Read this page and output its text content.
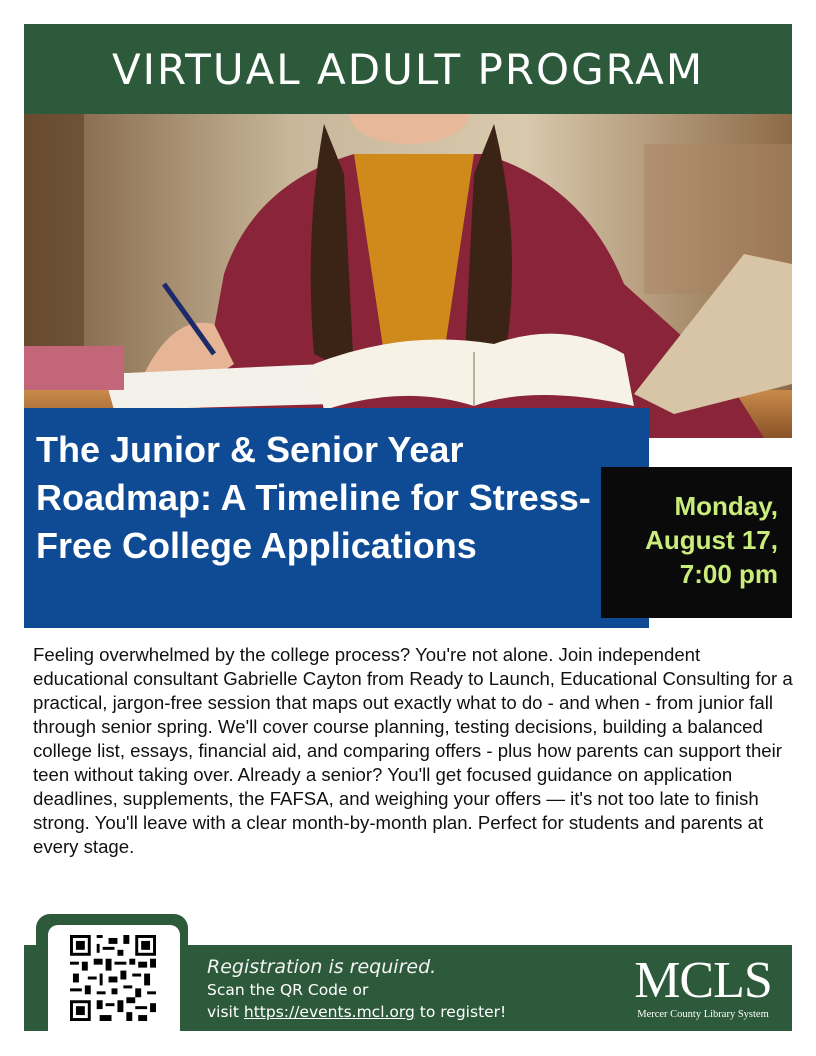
VIRTUAL ADULT PROGRAM
The Junior & Senior Year Roadmap: A Timeline for Stress-Free College Applications
Monday,
August 17,
7:00 pm

Feeling overwhelmed by the college process? You're not alone. Join independent educational consultant Gabrielle Cayton from Ready to Launch, Educational Consulting for a practical, jargon-free session that maps out exactly what to do - and when - from junior fall through senior spring. We'll cover course planning, testing decisions, building a balanced college list, essays, financial aid, and comparing offers - plus how parents can support their teen without taking over. Already a senior? You'll get focused guidance on application deadlines, supplements, the FAFSA, and weighing your offers — it's not too late to finish strong. You'll leave with a clear month-by-month plan. Perfect for students and parents at every stage.

Registration is required.
Scan the QR Code or
visit https://events.mcl.org to register!
MCLS
Mercer County Library System
